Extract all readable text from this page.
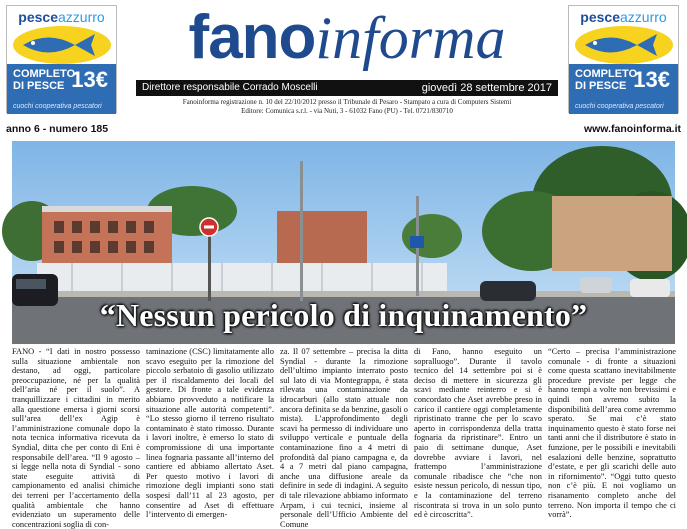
pesceazzurro
COMPLETO
DI PESCE 13€
cuochi cooperativa pescatori
pesceazzurro
COMPLETO
DI PESCE 13€
cuochi cooperativa pescatori
fanoinforma
Direttore responsabile Corrado Moscelli	giovedì 28 settembre 2017
Fanoinforma registrazione n. 10 del 22/10/2012 presso il Tribunale di Pesaro - Stampato a cura di Computers Sistemi
Editore: Comunica s.r.l. - via Nuti, 3 - 61032 Fano (PU) - Tel. 0721/830710
anno 6 - numero 185	www.fanoinforma.it
“Nessun pericolo di inquinamento”

FANO - “I dati in nostro possesso sulla situazione ambientale non destano, ad oggi, particolare preoccupazione, né per la qualità dell’aria né per il suolo”. A tranquillizzare i cittadini in merito alla questione emersa i giorni scorsi sull’area dell’ex Agip è l’amministrazione comunale dopo la nota tecnica informativa ricevuta da Syndial, ditta che per conto di Eni è responsabile dell’area. “Il 9 agosto – si legge nella nota di Syndial - sono state eseguite attività di campionamento ed analisi chimiche dei terreni per l’accertamento della qualità ambientale che hanno evidenziato un superamento delle concentrazioni soglia di con-

taminazione (CSC) limitatamente allo scavo eseguito per la rimozione del piccolo serbatoio di gasolio utilizzato per il riscaldamento dei locali del gestore. Di fronte a tale evidenza abbiamo provveduto a notificare la situazione alle autorità competenti”. “Lo stesso giorno il terreno risultato contaminato è stato rimosso. Durante i lavori inoltre, è emerso lo stato di compromissione di una importante linea fognaria passante all’interno del cantiere ed abbiamo allertato Aset. Per questo motivo i lavori di rimozione degli impianti sono stati sospesi dall’11 al 23 agosto, per consentire ad Aset di effettuare l’intervento di emergen-

za. Il 07 settembre – precisa la ditta Syndial - durante la rimozione dell’ultimo impianto interrato posto sul lato di via Montegrappa, è stata rilevata una contaminazione da idrocarburi (allo stato attuale non ancora definita se da benzine, gasoli o mista). L’approfondimento degli scavi ha permesso di individuare uno sviluppo verticale e puntuale della contaminazione fino a 4 metri di profondità dal piano campagna e, da 4 a 7 metri dal piano campagna, anche una diffusione areale da definire in sede di indagini. A seguito di tale rilevazione abbiamo informato Arpam, i cui tecnici, insieme al personale dell’Ufficio Ambiente del Comune

di Fano, hanno eseguito un sopralluogo”. Durante il tavolo tecnico del 14 settembre poi si è deciso di mettere in sicurezza gli scavi mediante reinterro e si è concordato che Aset avrebbe preso in carico il cantiere oggi completamente ripristinato tranne che per lo scavo aperto in corrispondenza della tratta fognaria da ripristinare”. Entro un paio di settimane dunque, Aset dovrebbe avviare i lavori, nel frattempo l’amministrazione comunale ribadisce che “che non esiste nessun pericolo, di nessun tipo, e la contaminazione del terreno riscontrata si trova in un solo punto ed è circoscritta”.

“Certo – precisa l’amministrazione comunale - di fronte a situazioni come questa scattano inevitabilmente procedure previste per legge che hanno tempi a volte non brevissimi e quindi non avremo subito la disponibilità dell’area come avremmo sperato. Se mai c’è stato inquinamento questo è stato forse nei tanti anni che il distributore è stato in funzione, per le possibili e inevitabili esalazioni delle benzine, soprattutto d’estate, e per gli scarichi delle auto in rifornimento”. “Oggi tutto questo non c’è più. E noi vogliamo un risanamento completo anche del terreno. Non importa il tempo che ci vorrà”.
